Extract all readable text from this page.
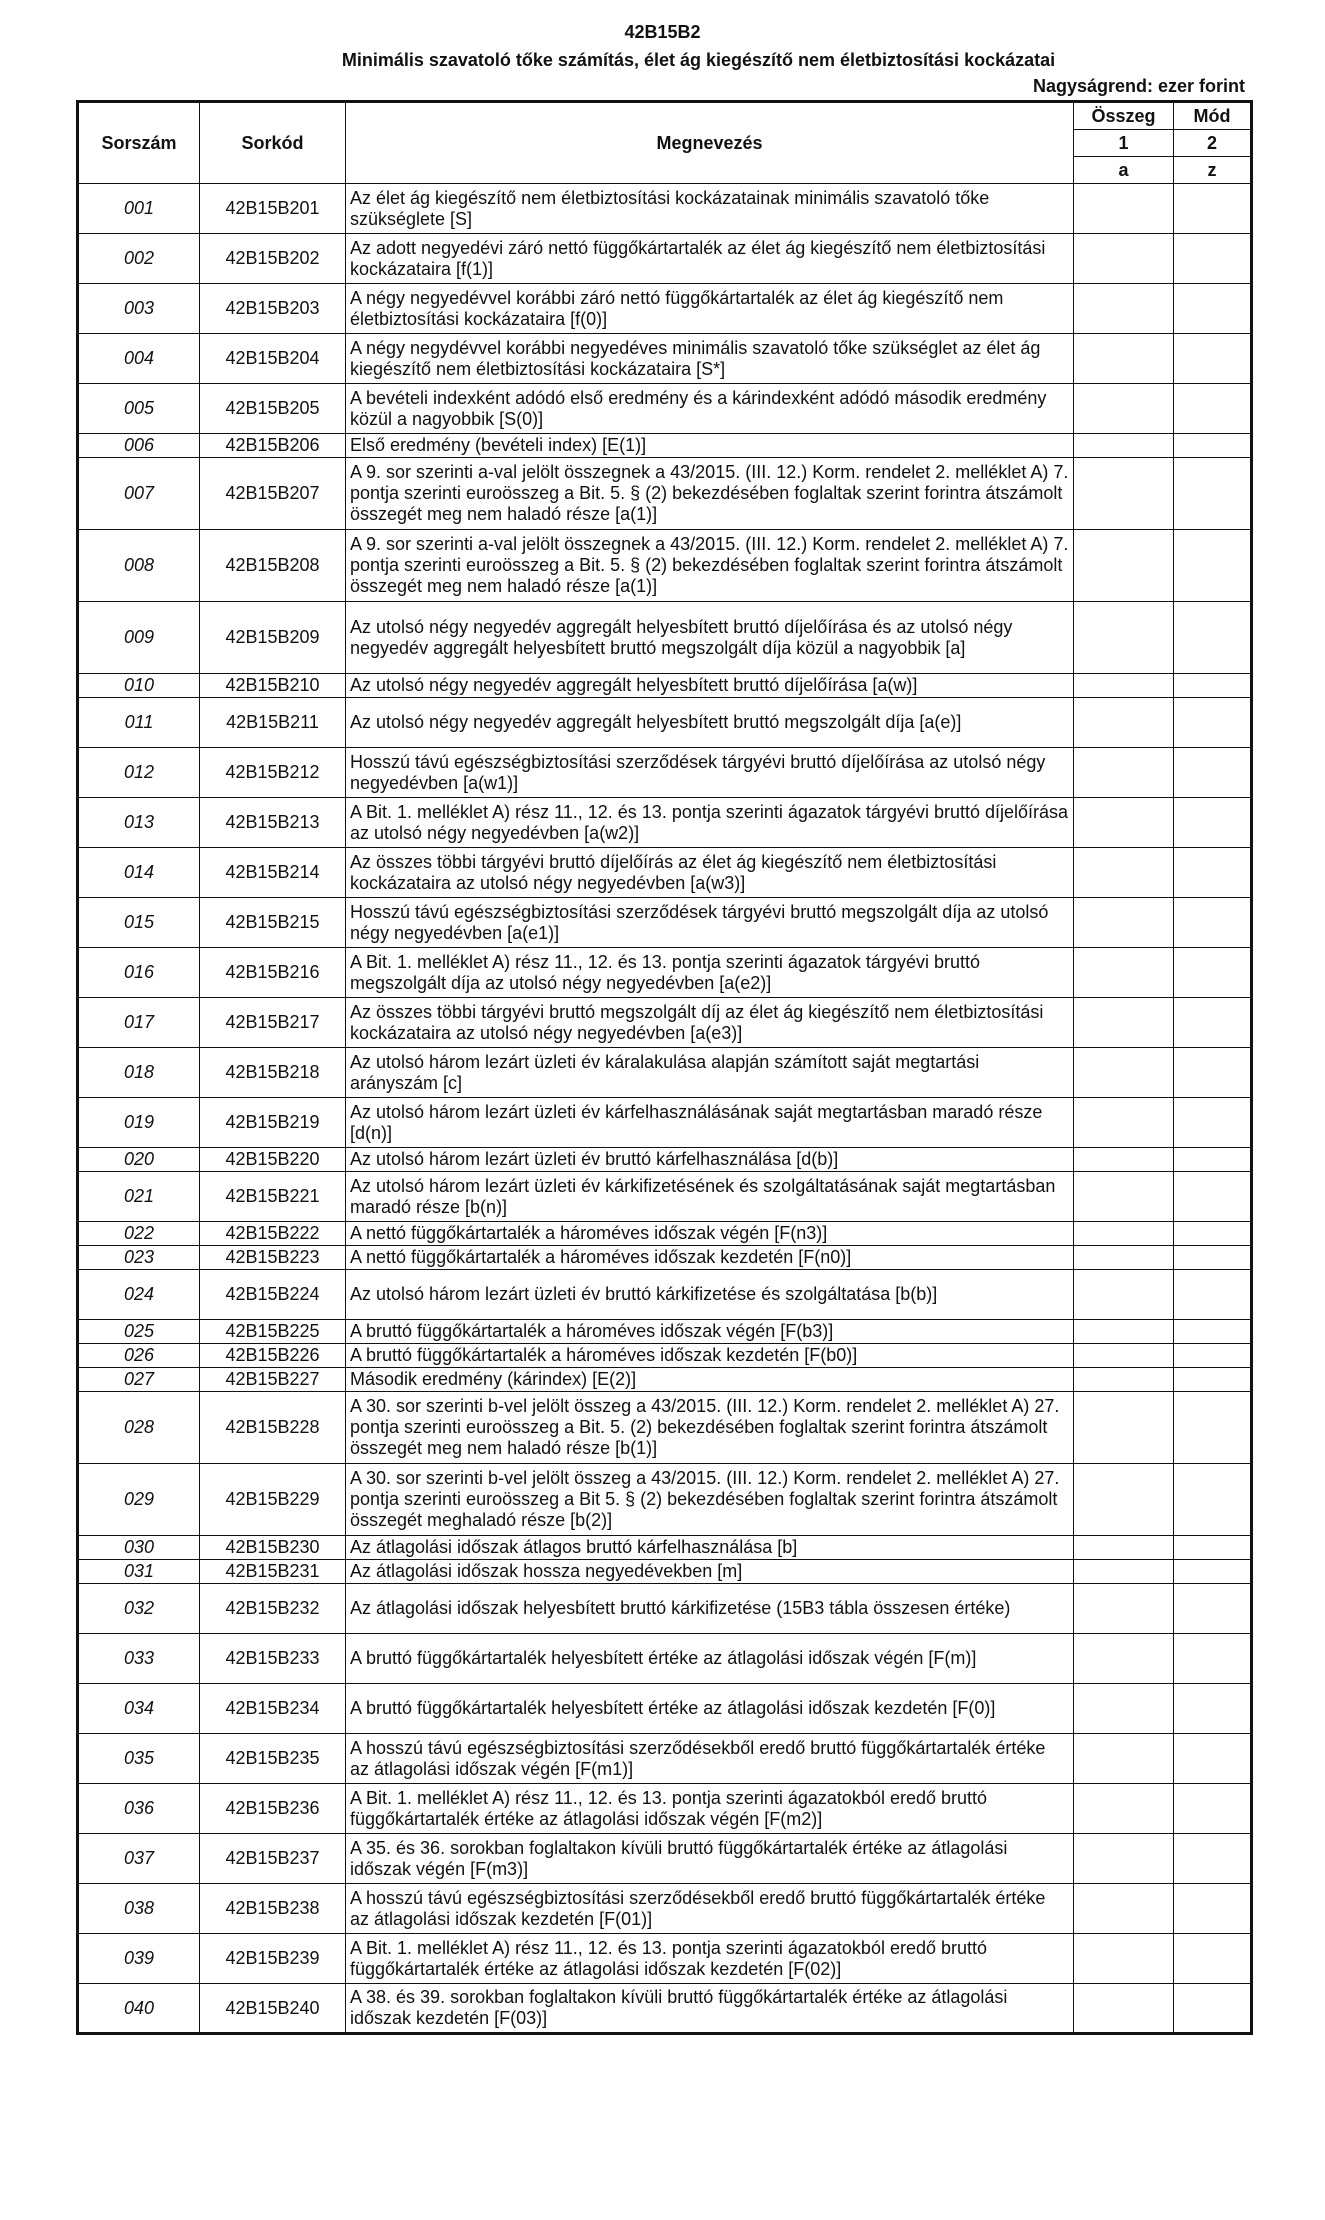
42B15B2
Minimális szavatoló tőke számítás, élet ág kiegészítő nem életbiztosítási kockázatai
Nagyságrend: ezer forint
Sorszám	Sorkód	Megnevezés	Összeg	Mód
			1	2
			a	z
001	42B15B201	Az élet ág kiegészítő nem életbiztosítási kockázatainak minimális szavatoló tőke szükséglete [S]		
002	42B15B202	Az adott negyedévi záró nettó függőkártartalék az élet ág kiegészítő nem életbiztosítási kockázataira [f(1)]		
003	42B15B203	A négy negyedévvel korábbi záró nettó függőkártartalék az élet ág kiegészítő nem életbiztosítási kockázataira [f(0)]		
004	42B15B204	A négy negydévvel korábbi negyedéves minimális szavatoló tőke szükséglet az élet ág kiegészítő nem életbiztosítási kockázataira [S*]		
005	42B15B205	A bevételi indexként adódó első eredmény és a kárindexként adódó második eredmény közül a nagyobbik [S(0)]		
006	42B15B206	Első eredmény (bevételi index) [E(1)]		
007	42B15B207	A 9. sor szerinti a-val jelölt összegnek a 43/2015. (III. 12.) Korm. rendelet 2. melléklet A) 7. pontja szerinti euroösszeg a Bit. 5. § (2) bekezdésében foglaltak szerint forintra átszámolt összegét meg nem haladó része [a(1)]		
008	42B15B208	A 9. sor szerinti a-val jelölt összegnek a 43/2015. (III. 12.) Korm. rendelet 2. melléklet A) 7. pontja szerinti euroösszeg a Bit. 5. § (2) bekezdésében foglaltak szerint forintra átszámolt összegét meg nem haladó része [a(1)]		
009	42B15B209	Az utolsó négy negyedév aggregált helyesbített bruttó díjelőírása és az utolsó négy negyedév aggregált helyesbített bruttó megszolgált díja közül a nagyobbik [a]		
010	42B15B210	Az utolsó négy negyedév aggregált helyesbített bruttó díjelőírása [a(w)]		
011	42B15B211	Az utolsó négy negyedév aggregált helyesbített bruttó megszolgált díja [a(e)]		
012	42B15B212	Hosszú távú egészségbiztosítási szerződések tárgyévi bruttó díjelőírása az utolsó négy negyedévben [a(w1)]		
013	42B15B213	A Bit. 1. melléklet A) rész 11., 12. és 13. pontja szerinti ágazatok tárgyévi bruttó díjelőírása az utolsó négy negyedévben [a(w2)]		
014	42B15B214	Az összes többi tárgyévi bruttó díjelőírás az élet ág kiegészítő nem életbiztosítási kockázataira az utolsó négy negyedévben [a(w3)]		
015	42B15B215	Hosszú távú egészségbiztosítási szerződések tárgyévi bruttó megszolgált díja az utolsó négy negyedévben [a(e1)]		
016	42B15B216	A Bit. 1. melléklet A) rész 11., 12. és 13. pontja szerinti ágazatok tárgyévi bruttó megszolgált díja az utolsó négy negyedévben [a(e2)]		
017	42B15B217	Az összes többi tárgyévi bruttó megszolgált díj az élet ág kiegészítő nem életbiztosítási kockázataira az utolsó négy negyedévben [a(e3)]		
018	42B15B218	Az utolsó három lezárt üzleti év káralakulása alapján számított saját megtartási arányszám [c]		
019	42B15B219	Az utolsó három lezárt üzleti év kárfelhasználásának saját megtartásban maradó része [d(n)]		
020	42B15B220	Az utolsó három lezárt üzleti év bruttó kárfelhasználása [d(b)]		
021	42B15B221	Az utolsó három lezárt üzleti év kárkifizetésének és szolgáltatásának saját megtartásban maradó része [b(n)]		
022	42B15B222	A nettó függőkártartalék a hároméves időszak végén [F(n3)]		
023	42B15B223	A nettó függőkártartalék a hároméves időszak kezdetén [F(n0)]		
024	42B15B224	Az utolsó három lezárt üzleti év bruttó kárkifizetése és szolgáltatása [b(b)]		
025	42B15B225	A bruttó függőkártartalék a hároméves időszak végén [F(b3)]		
026	42B15B226	A bruttó függőkártartalék a hároméves időszak kezdetén [F(b0)]		
027	42B15B227	Második eredmény (kárindex) [E(2)]		
028	42B15B228	A 30. sor szerinti b-vel jelölt összeg a 43/2015. (III. 12.) Korm. rendelet 2. melléklet A) 27. pontja szerinti euroösszeg a Bit. 5. (2) bekezdésében foglaltak szerint forintra átszámolt összegét meg nem haladó része [b(1)]		
029	42B15B229	A 30. sor szerinti b-vel jelölt összeg a 43/2015. (III. 12.) Korm. rendelet 2. melléklet A) 27. pontja szerinti euroösszeg a Bit 5. § (2) bekezdésében foglaltak szerint forintra átszámolt összegét meghaladó része [b(2)]		
030	42B15B230	Az átlagolási időszak átlagos bruttó kárfelhasználása [b]		
031	42B15B231	Az átlagolási időszak hossza negyedévekben [m]		
032	42B15B232	Az átlagolási időszak helyesbített bruttó kárkifizetése (15B3 tábla összesen értéke)		
033	42B15B233	A bruttó függőkártartalék helyesbített értéke az átlagolási időszak végén [F(m)]		
034	42B15B234	A bruttó függőkártartalék helyesbített értéke az átlagolási időszak kezdetén [F(0)]		
035	42B15B235	A hosszú távú egészségbiztosítási szerződésekből eredő bruttó függőkártartalék értéke az átlagolási időszak végén [F(m1)]		
036	42B15B236	A Bit. 1. melléklet A) rész 11., 12. és 13. pontja szerinti ágazatokból eredő bruttó függőkártartalék értéke az átlagolási időszak végén [F(m2)]		
037	42B15B237	A 35. és 36. sorokban foglaltakon kívüli bruttó függőkártartalék értéke az átlagolási időszak végén [F(m3)]		
038	42B15B238	A hosszú távú egészségbiztosítási szerződésekből eredő bruttó függőkártartalék értéke az átlagolási időszak kezdetén [F(01)]		
039	42B15B239	A Bit. 1. melléklet A) rész 11., 12. és 13. pontja szerinti ágazatokból eredő bruttó függőkártartalék értéke az átlagolási időszak kezdetén [F(02)]		
040	42B15B240	A 38. és 39. sorokban foglaltakon kívüli bruttó függőkártartalék értéke az átlagolási időszak kezdetén [F(03)]		
